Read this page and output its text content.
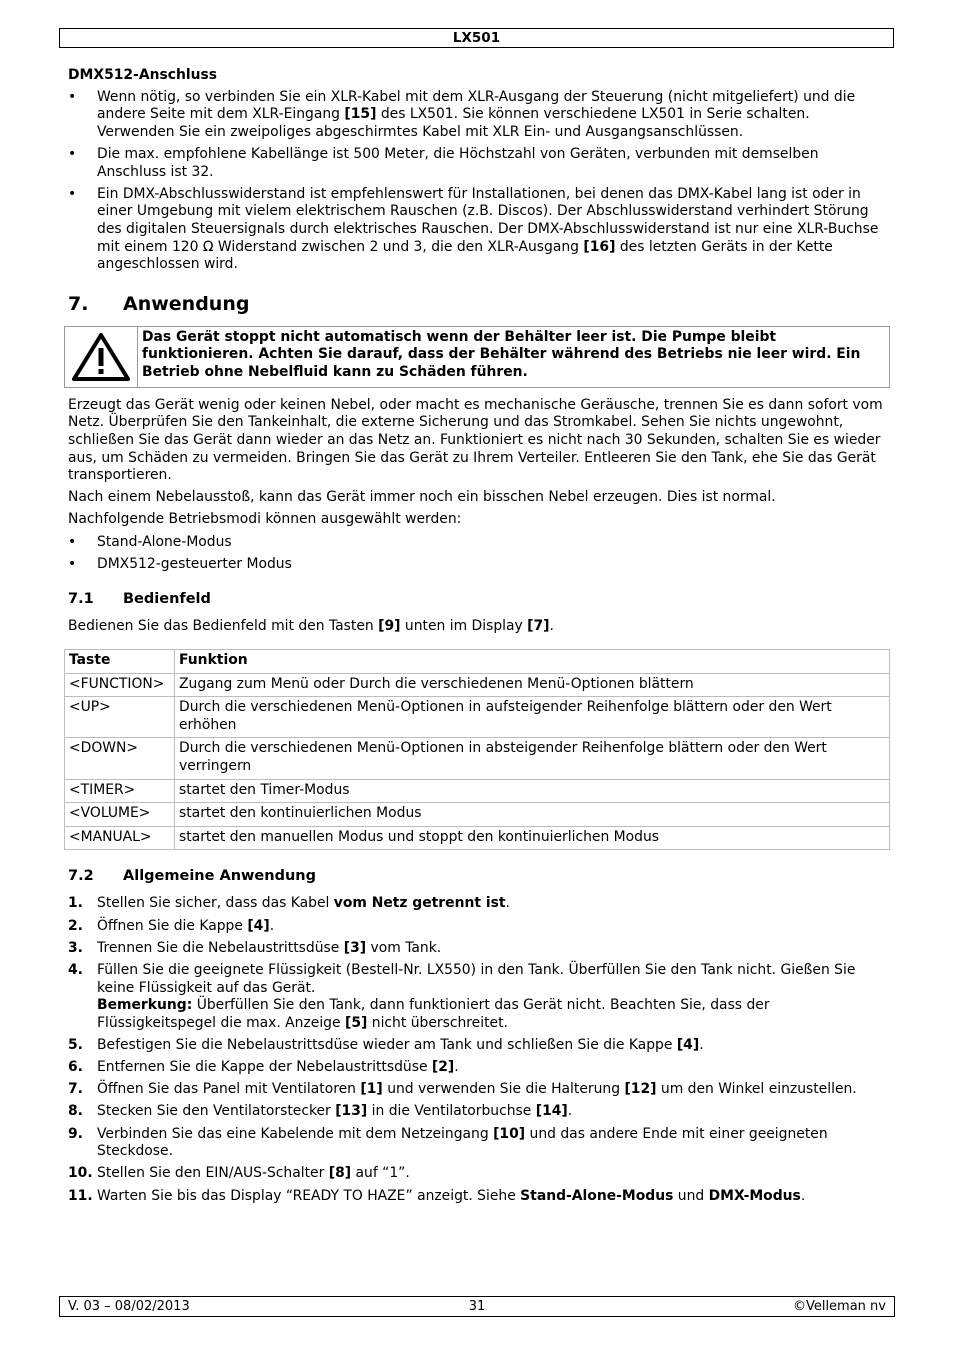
LX501
DMX512-Anschluss
• Wenn nötig, so verbinden Sie ein XLR-Kabel mit dem XLR-Ausgang der Steuerung (nicht mitgeliefert) und die andere Seite mit dem XLR-Eingang [15] des LX501. Sie können verschiedene LX501 in Serie schalten. Verwenden Sie ein zweipoliges abgeschirmtes Kabel mit XLR Ein- und Ausgangsanschlüssen.
• Die max. empfohlene Kabellänge ist 500 Meter, die Höchstzahl von Geräten, verbunden mit demselben Anschluss ist 32.
• Ein DMX-Abschlusswiderstand ist empfehlenswert für Installationen, bei denen das DMX-Kabel lang ist oder in einer Umgebung mit vielem elektrischem Rauschen (z.B. Discos). Der Abschlusswiderstand verhindert Störung des digitalen Steuersignals durch elektrisches Rauschen. Der DMX-Abschlusswiderstand ist nur eine XLR-Buchse mit einem 120 Ω Widerstand zwischen 2 und 3, die den XLR-Ausgang [16] des letzten Geräts in der Kette angeschlossen wird.
7.	Anwendung
Das Gerät stoppt nicht automatisch wenn der Behälter leer ist. Die Pumpe bleibt funktionieren. Achten Sie darauf, dass der Behälter während des Betriebs nie leer wird. Ein Betrieb ohne Nebelfluid kann zu Schäden führen.

Erzeugt das Gerät wenig oder keinen Nebel, oder macht es mechanische Geräusche, trennen Sie es dann sofort vom Netz. Überprüfen Sie den Tankeinhalt, die externe Sicherung und das Stromkabel. Sehen Sie nichts ungewohnt, schließen Sie das Gerät dann wieder an das Netz an. Funktioniert es nicht nach 30 Sekunden, schalten Sie es wieder aus, um Schäden zu vermeiden. Bringen Sie das Gerät zu Ihrem Verteiler. Entleeren Sie den Tank, ehe Sie das Gerät transportieren.

Nach einem Nebelausstoß, kann das Gerät immer noch ein bisschen Nebel erzeugen. Dies ist normal.

Nachfolgende Betriebsmodi können ausgewählt werden:

• Stand-Alone-Modus
• DMX512-gesteuerter Modus
7.1	Bedienfeld

Bedienen Sie das Bedienfeld mit den Tasten [9] unten im Display [7].

Taste	Funktion
<FUNCTION>	Zugang zum Menü oder Durch die verschiedenen Menü-Optionen blättern
<UP>	Durch die verschiedenen Menü-Optionen in aufsteigender Reihenfolge blättern oder den Wert erhöhen
<DOWN>	Durch die verschiedenen Menü-Optionen in absteigender Reihenfolge blättern oder den Wert verringern
<TIMER>	startet den Timer-Modus
<VOLUME>	startet den kontinuierlichen Modus
<MANUAL>	startet den manuellen Modus und stoppt den kontinuierlichen Modus
7.2	Allgemeine Anwendung
1. Stellen Sie sicher, dass das Kabel vom Netz getrennt ist.
2. Öffnen Sie die Kappe [4].
3. Trennen Sie die Nebelaustrittsdüse [3] vom Tank.
4. Füllen Sie die geeignete Flüssigkeit (Bestell-Nr. LX550) in den Tank. Überfüllen Sie den Tank nicht. Gießen Sie keine Flüssigkeit auf das Gerät.
Bemerkung: Überfüllen Sie den Tank, dann funktioniert das Gerät nicht. Beachten Sie, dass der Flüssigkeitspegel die max. Anzeige [5] nicht überschreitet.
5. Befestigen Sie die Nebelaustrittsdüse wieder am Tank und schließen Sie die Kappe [4].
6. Entfernen Sie die Kappe der Nebelaustrittsdüse [2].
7. Öffnen Sie das Panel mit Ventilatoren [1] und verwenden Sie die Halterung [12] um den Winkel einzustellen.
8. Stecken Sie den Ventilatorstecker [13] in die Ventilatorbuchse [14].
9. Verbinden Sie das eine Kabelende mit dem Netzeingang [10] und das andere Ende mit einer geeigneten Steckdose.
10. Stellen Sie den EIN/AUS-Schalter [8] auf “1”.
11. Warten Sie bis das Display “READY TO HAZE” anzeigt. Siehe Stand-Alone-Modus und DMX-Modus.
V. 03 – 08/02/2013	31	©Velleman nv
